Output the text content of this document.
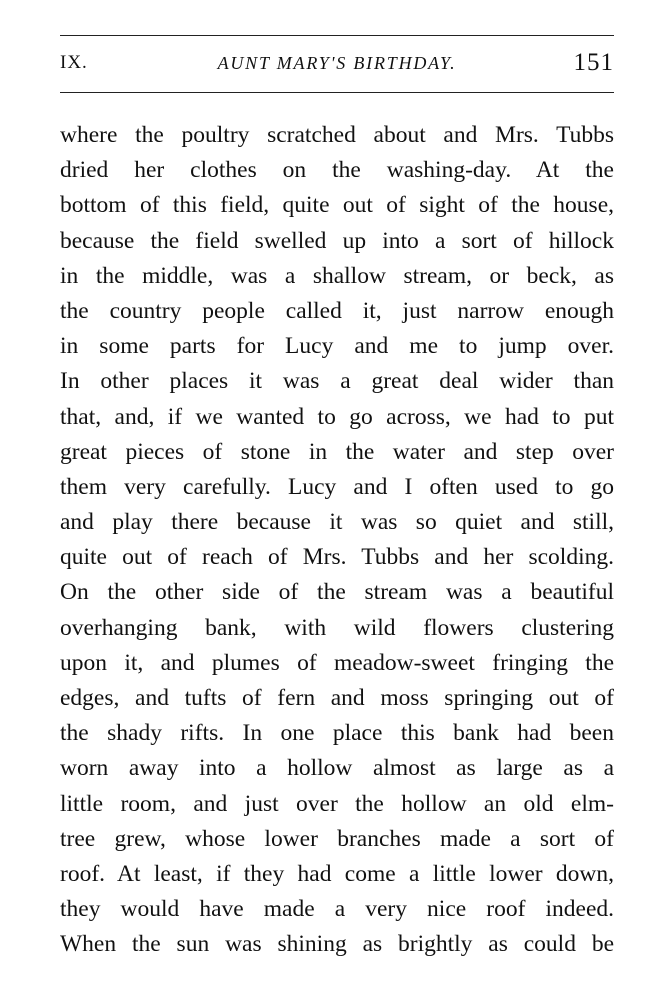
IX.	AUNT MARY'S BIRTHDAY.	151
where the poultry scratched about and Mrs. Tubbs
dried her clothes on the washing-day. At the
bottom of this field, quite out of sight of the house,
because the field swelled up into a sort of hillock
in the middle, was a shallow stream, or beck, as
the country people called it, just narrow enough
in some parts for Lucy and me to jump over.
In other places it was a great deal wider than
that, and, if we wanted to go across, we had to put
great pieces of stone in the water and step over
them very carefully. Lucy and I often used to go
and play there because it was so quiet and still,
quite out of reach of Mrs. Tubbs and her scolding.
On the other side of the stream was a beautiful
overhanging bank, with wild flowers clustering
upon it, and plumes of meadow-sweet fringing the
edges, and tufts of fern and moss springing out of
the shady rifts. In one place this bank had been
worn away into a hollow almost as large as a
little room, and just over the hollow an old elm-
tree grew, whose lower branches made a sort of
roof. At least, if they had come a little lower down,
they would have made a very nice roof indeed.
When the sun was shining as brightly as could be
